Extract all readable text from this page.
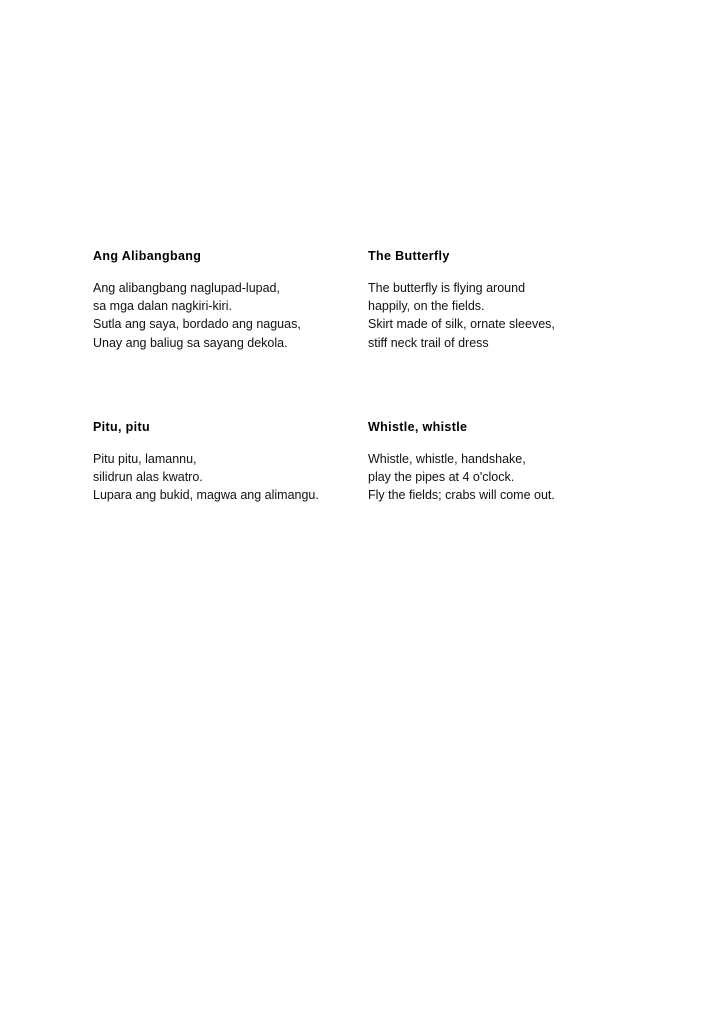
Ang Alibangbang

Ang alibangbang naglupad-lupad,

sa mga dalan nagkiri-kiri.

Sutla ang saya, bordado ang naguas,

Unay ang baliug sa sayang dekola.

The Butterfly

The butterfly is flying around

happily, on the fields.

Skirt made of silk, ornate sleeves,

stiff neck trail of dress

Pitu, pitu

Pitu pitu, lamannu,

silidrun alas kwatro.

Lupara ang bukid, magwa ang alimangu.

Whistle, whistle

Whistle, whistle, handshake,

play the pipes at 4 o'clock.

Fly the fields; crabs will come out.
